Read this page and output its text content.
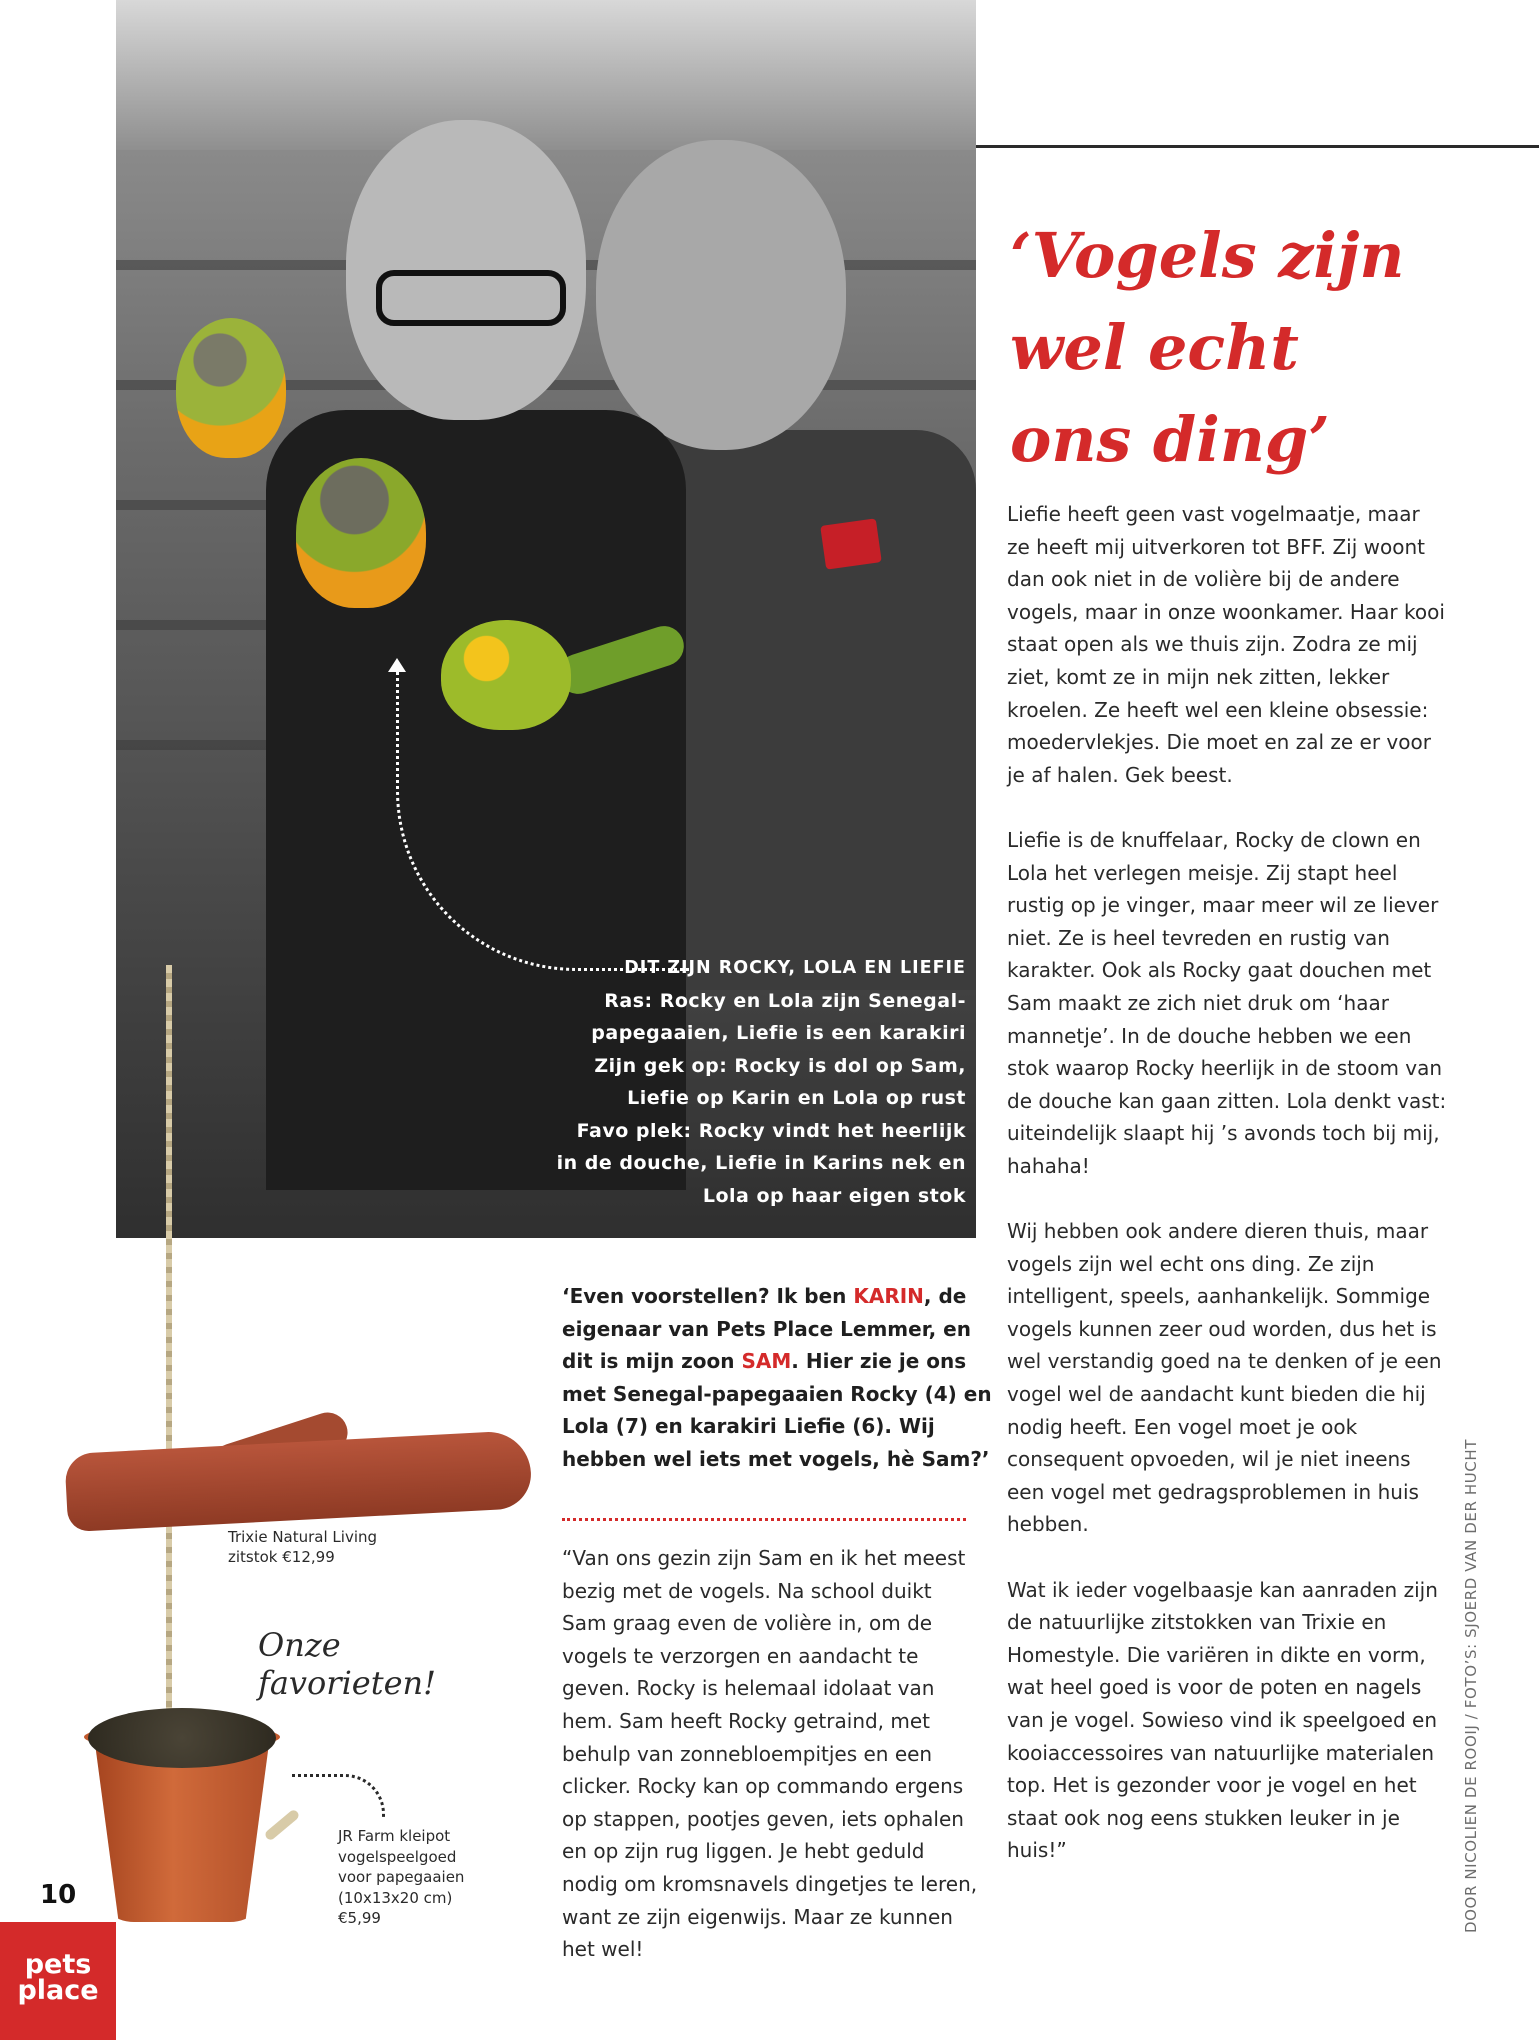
DIT ZIJN ROCKY, LOLA EN LIEFIE
Ras: Rocky en Lola zijn Senegal-
papegaaien, Liefie is een karakiri
Zijn gek op: Rocky is dol op Sam,
Liefie op Karin en Lola op rust
Favo plek: Rocky vindt het heerlijk
in de douche, Liefie in Karins nek en
Lola op haar eigen stok
‘Vogels zijn wel echt ons ding’

Liefie heeft geen vast vogelmaatje, maar ze heeft mij uitverkoren tot BFF. Zij woont dan ook niet in de volière bij de andere vogels, maar in onze woonkamer. Haar kooi staat open als we thuis zijn. Zodra ze mij ziet, komt ze in mijn nek zitten, lekker kroelen. Ze heeft wel een kleine obsessie: moedervlekjes. Die moet en zal ze er voor je af halen. Gek beest.

Liefie is de knuffelaar, Rocky de clown en Lola het verlegen meisje. Zij stapt heel rustig op je vinger, maar meer wil ze liever niet. Ze is heel tevreden en rustig van karakter. Ook als Rocky gaat douchen met Sam maakt ze zich niet druk om ‘haar mannetje’. In de douche hebben we een stok waarop Rocky heerlijk in de stoom van de douche kan gaan zitten. Lola denkt vast: uiteindelijk slaapt hij ’s avonds toch bij mij, hahaha!

Wij hebben ook andere dieren thuis, maar vogels zijn wel echt ons ding. Ze zijn intelligent, speels, aanhankelijk. Sommige vogels kunnen zeer oud worden, dus het is wel verstandig goed na te denken of je een vogel wel de aandacht kunt bieden die hij nodig heeft. Een vogel moet je ook consequent opvoeden, wil je niet ineens een vogel met gedragsproblemen in huis hebben.

Wat ik ieder vogelbaasje kan aanraden zijn de natuurlijke zitstokken van Trixie en Homestyle. Die variëren in dikte en vorm, wat heel goed is voor de poten en nagels van je vogel. Sowieso vind ik speelgoed en kooiaccessoires van natuurlijke materialen top. Het is gezonder voor je vogel en het staat ook nog eens stukken leuker in je huis!”

‘Even voorstellen? Ik ben KARIN, de eigenaar van Pets Place Lemmer, en dit is mijn zoon SAM. Hier zie je ons met Senegal-papegaaien Rocky (4) en Lola (7) en karakiri Liefie (6). Wij hebben wel iets met vogels, hè Sam?’

“Van ons gezin zijn Sam en ik het meest bezig met de vogels. Na school duikt Sam graag even de volière in, om de vogels te verzorgen en aandacht te geven. Rocky is helemaal idolaat van hem. Sam heeft Rocky getraind, met behulp van zonnebloempitjes en een clicker. Rocky kan op commando ergens op stappen, pootjes geven, iets ophalen en op zijn rug liggen. Je hebt geduld nodig om kromsnavels dingetjes te leren, want ze zijn eigenwijs. Maar ze kunnen het wel!

Trixie Natural Living
zitstok €12,99
Onze favorieten!
JR Farm kleipot
vogelspeelgoed
voor papegaaien
(10x13x20 cm)
€5,99
10
pets
place
DOOR NICOLIEN DE ROOIJ / FOTO’S: SJOERD VAN DER HUCHT
